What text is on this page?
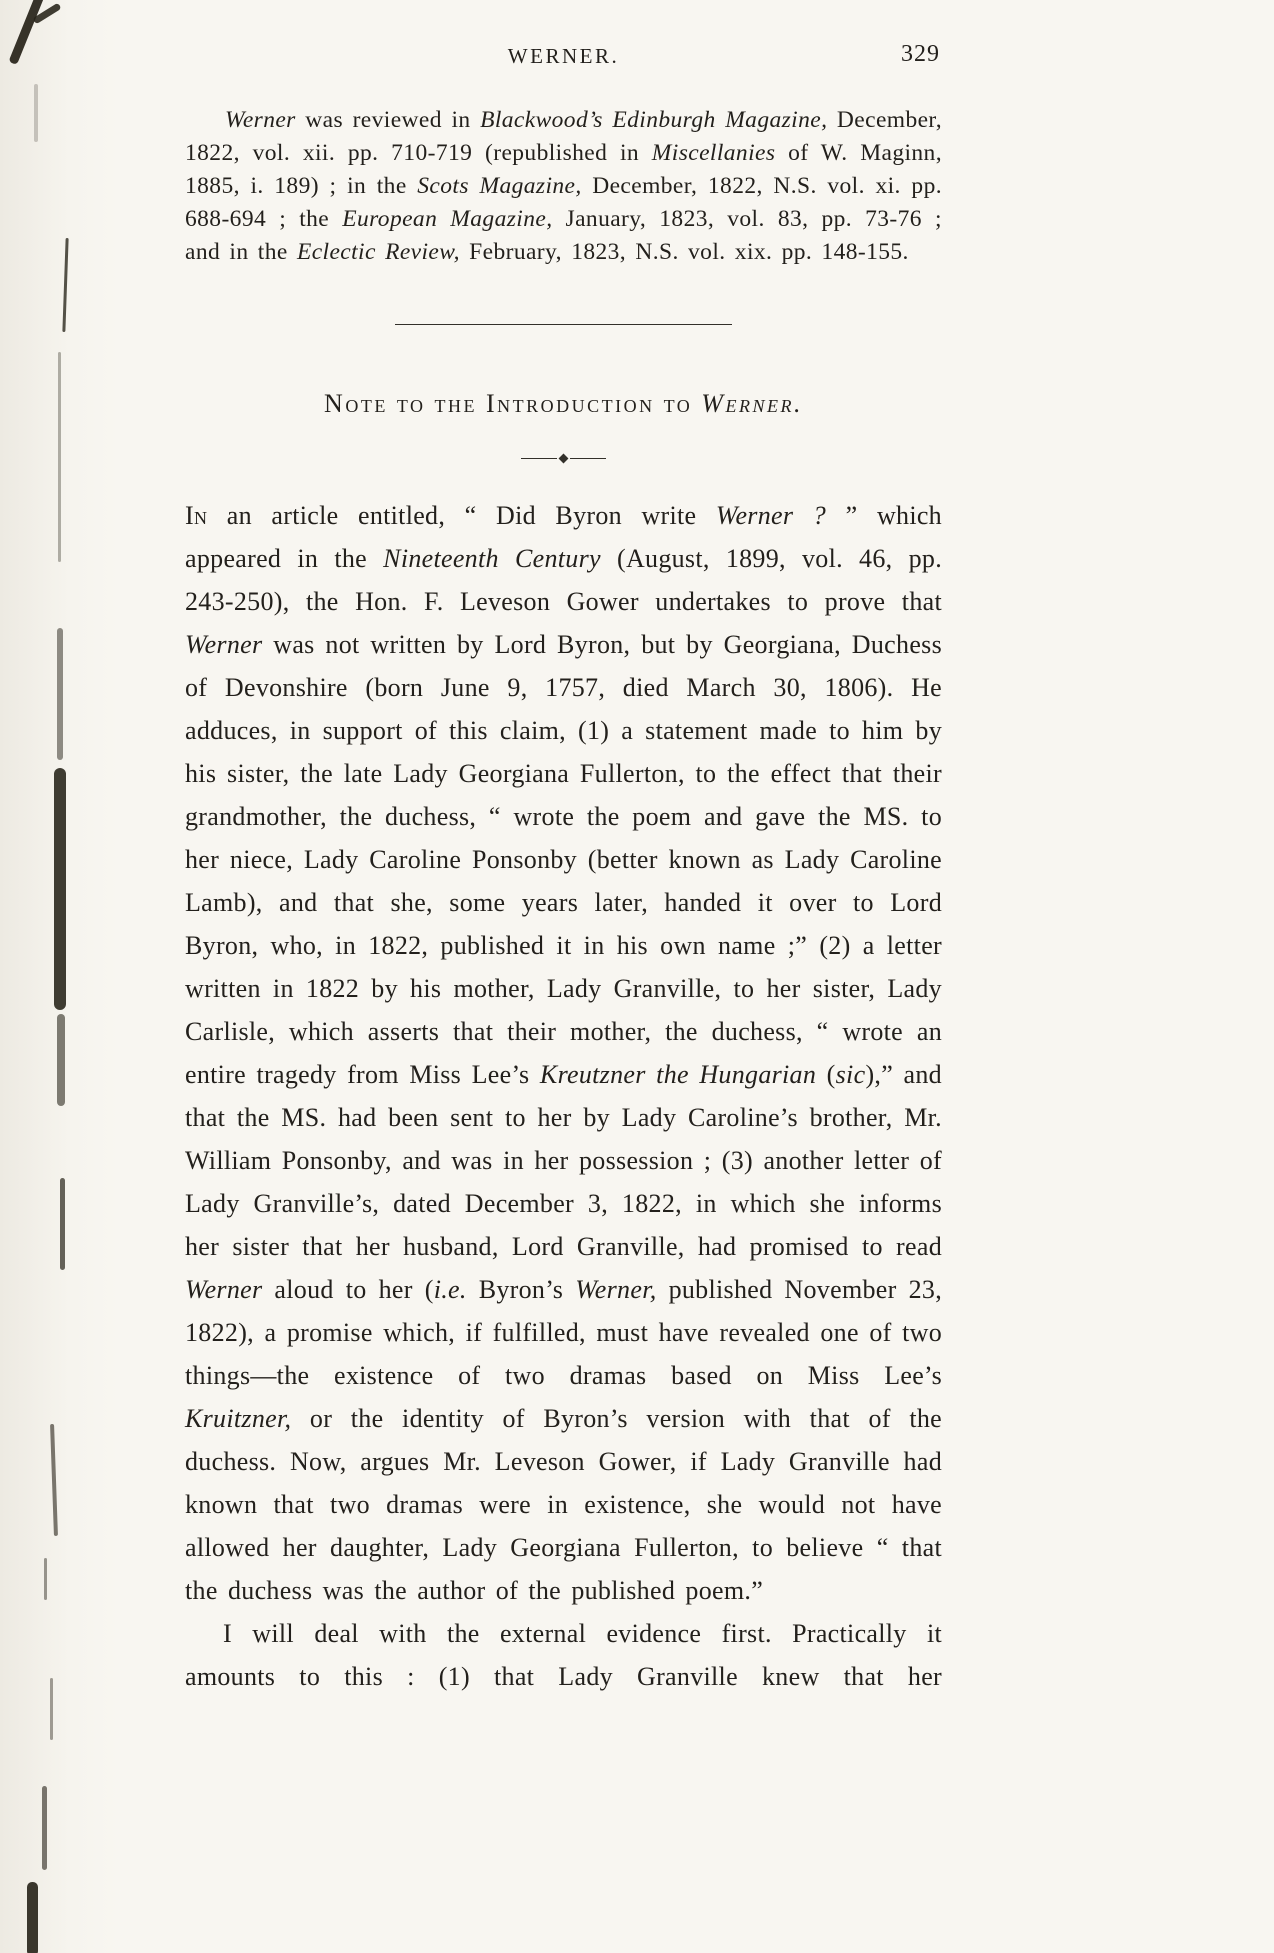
WERNER.	329

Werner was reviewed in Blackwood’s Edinburgh Magazine, December, 1822, vol. xii. pp. 710-719 (republished in Miscellanies of W. Maginn, 1885, i. 189) ; in the Scots Magazine, December, 1822, N.S. vol. xi. pp. 688-694 ; the European Magazine, January, 1823, vol. 83, pp. 73-76 ; and in the Eclectic Review, February, 1823, N.S. vol. xix. pp. 148-155.

Note to the Introduction to Werner.

In an article entitled, “ Did Byron write Werner ? ” which appeared in the Nineteenth Century (August, 1899, vol. 46, pp. 243-250), the Hon. F. Leveson Gower undertakes to prove that Werner was not written by Lord Byron, but by Georgiana, Duchess of Devonshire (born June 9, 1757, died March 30, 1806). He adduces, in support of this claim, (1) a statement made to him by his sister, the late Lady Georgiana Fullerton, to the effect that their grandmother, the duchess, “ wrote the poem and gave the MS. to her niece, Lady Caroline Ponsonby (better known as Lady Caroline Lamb), and that she, some years later, handed it over to Lord Byron, who, in 1822, published it in his own name ;” (2) a letter written in 1822 by his mother, Lady Granville, to her sister, Lady Carlisle, which asserts that their mother, the duchess, “ wrote an entire tragedy from Miss Lee’s Kreutzner the Hungarian (sic),” and that the MS. had been sent to her by Lady Caroline’s brother, Mr. William Ponsonby, and was in her possession ; (3) another letter of Lady Granville’s, dated December 3, 1822, in which she informs her sister that her husband, Lord Granville, had promised to read Werner aloud to her (i.e. Byron’s Werner, published November 23, 1822), a promise which, if fulfilled, must have revealed one of two things—the existence of two dramas based on Miss Lee’s Kruitzner, or the identity of Byron’s version with that of the duchess. Now, argues Mr. Leveson Gower, if Lady Granville had known that two dramas were in existence, she would not have allowed her daughter, Lady Georgiana Fullerton, to believe “ that the duchess was the author of the published poem.”

I will deal with the external evidence first. Practically it amounts to this : (1) that Lady Granville knew that her
